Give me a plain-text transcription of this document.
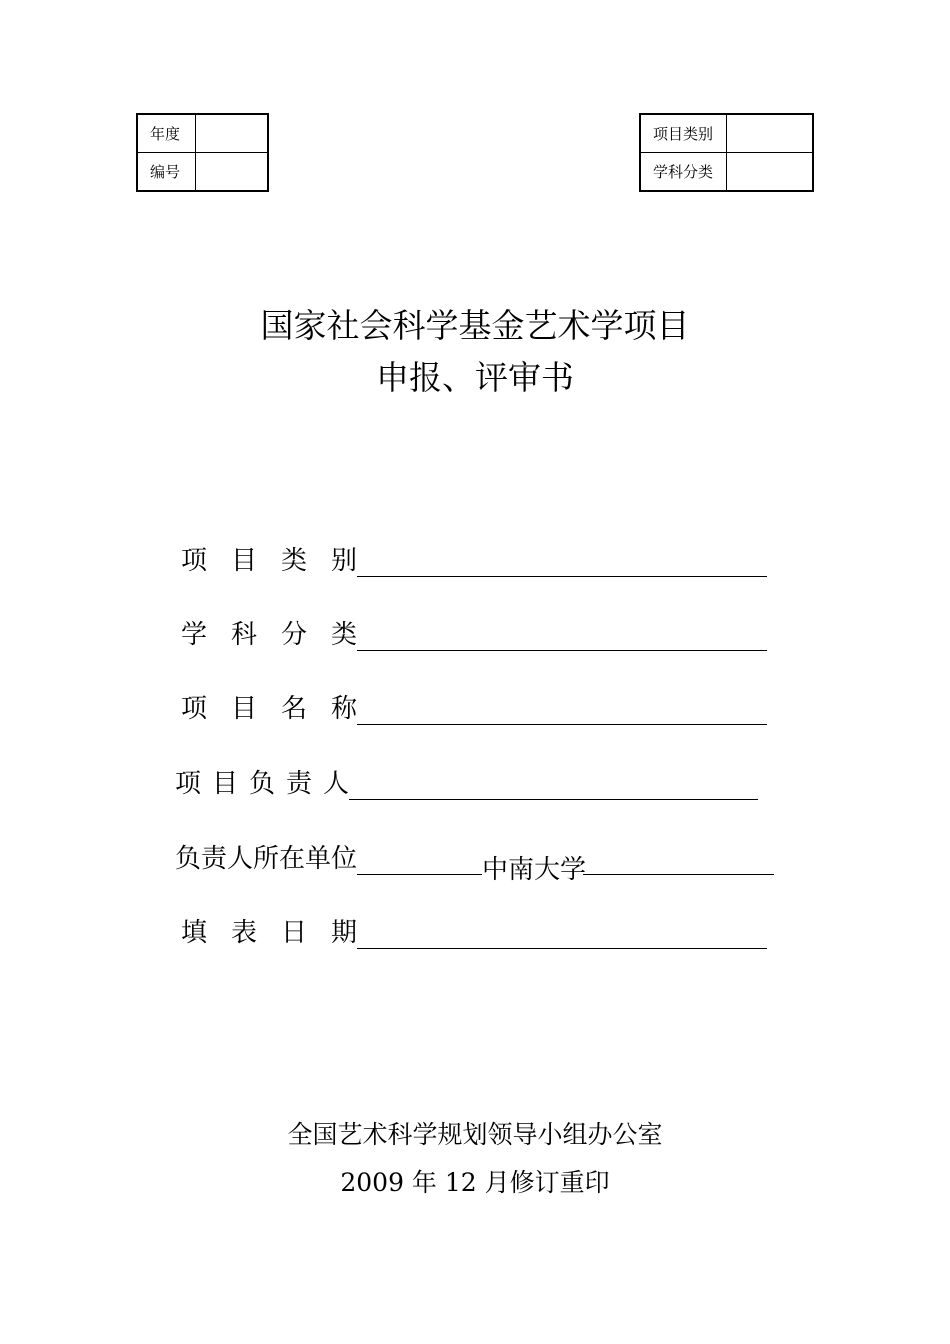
年度	
编号	
项目类别	
学科分类	
国家社会科学基金艺术学项目
申报、评审书
项目类别
学科分类
项目名称
项目负责人
负责人所在单位	中南大学
填表日期
全国艺术科学规划领导小组办公室
2009 年 12 月修订重印
